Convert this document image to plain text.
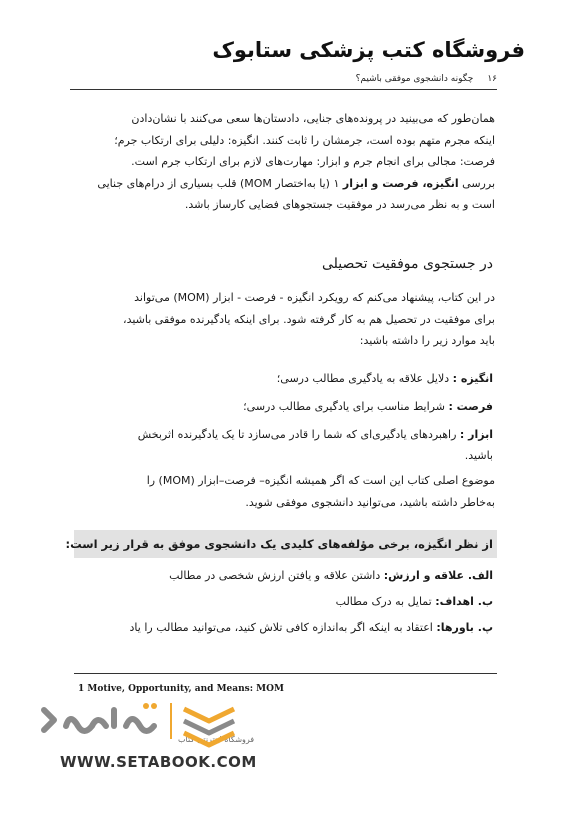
فروشگاه کتب پزشکی ستابوک
۱۶
چگونه دانشجوی موفقی باشیم؟
همان‌طور که می‌بینید در پرونده‌های جنایی، دادستان‌ها سعی می‌کنند با نشان‌دادن
اینکه مجرم متهم بوده است، جرمشان را ثابت کنند. انگیزه: دلیلی برای ارتکاب جرم؛
فرصت: مجالی برای انجام جرم و ابزار: مهارت‌های لازم برای ارتکاب جرم است.
بررسی انگیزه، فرصت و ابزار ۱ (یا به‌اختصار MOM) قلب بسیاری از درام‌های جنایی
است و به نظر می‌رسد در موفقیت جستجوهای فضایی کارساز باشد.
در جستجوی موفقیت تحصیلی
در این کتاب، پیشنهاد می‌کنم که رویکرد انگیزه - فرصت - ابزار (MOM) می‌تواند
برای موفقیت در تحصیل هم به کار گرفته شود. برای اینکه یادگیرنده موفقی باشید،
باید موارد زیر را داشته باشید:
انگیزه : دلایل علاقه به یادگیری مطالب درسی؛
فرصت : شرایط مناسب برای یادگیری مطالب درسی؛
ابزار : راهبردهای یادگیری‌ای که شما را قادر می‌سازد تا یک یادگیرنده اثربخش
باشید.
موضوع اصلی کتاب این است که اگر همیشه انگیزه– فرصت–ابزار (MOM) را
به‌خاطر داشته باشید، می‌توانید دانشجوی موفقی شوید.
از نظر انگیزه، برخی مؤلفه‌های کلیدی یک دانشجوی موفق به قرار زیر است:
الف. علاقه و ارزش: داشتن علاقه و یافتن ارزش شخصی در مطالب
ب. اهداف: تمایل به درک مطالب
پ. باورها: اعتقاد به اینکه اگر به‌اندازه کافی تلاش کنید، می‌توانید مطالب را یاد
1 Motive, Opportunity, and Means: MOM
فروشگاه اینترنتی کتاب
WWW.SETABOOK.COM
